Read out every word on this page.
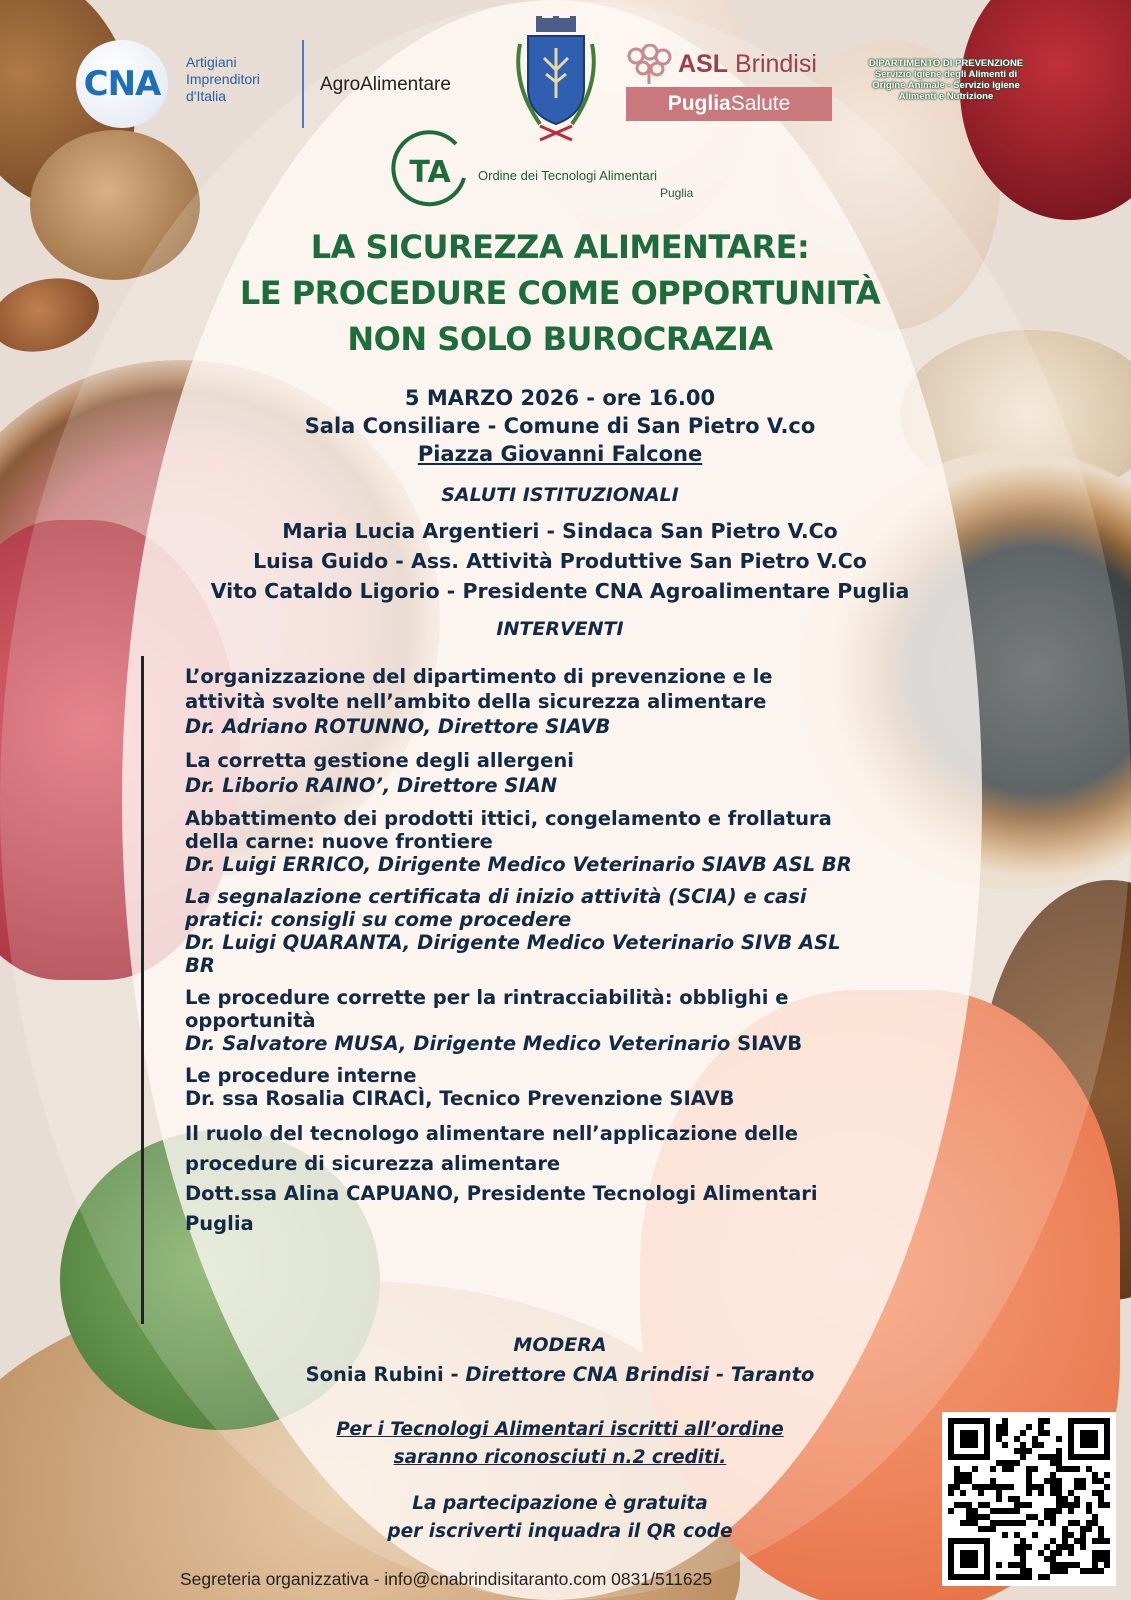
CNA
Artigiani
Imprenditori
d'Italia
AgroAlimentare
ASL Brindisi
Puglia Salute
DIPARTIMENTO DI PREVENZIONE
Servizio Igiene degli Alimenti di
Origine Animale - Servizio Igiene
Alimenti e Nutrizione
TA Ordine dei Tecnologi Alimentari
Puglia
LA SICUREZZA ALIMENTARE:
LE PROCEDURE COME OPPORTUNITÀ
NON SOLO BUROCRAZIA
5 MARZO 2026 - ore 16.00
Sala Consiliare - Comune di San Pietro V.co
Piazza Giovanni Falcone
SALUTI ISTITUZIONALI
Maria Lucia Argentieri - Sindaca San Pietro V.Co
Luisa Guido - Ass. Attività Produttive San Pietro V.Co
Vito Cataldo Ligorio - Presidente CNA Agroalimentare Puglia
INTERVENTI
L’organizzazione del dipartimento di prevenzione e le
attività svolte nell’ambito della sicurezza alimentare
Dr. Adriano ROTUNNO, Direttore SIAVB
La corretta gestione degli allergeni
Dr. Liborio RAINO’, Direttore SIAN
Abbattimento dei prodotti ittici, congelamento e frollatura
della carne: nuove frontiere
Dr. Luigi ERRICO, Dirigente Medico Veterinario SIAVB ASL BR
La segnalazione certificata di inizio attività (SCIA) e casi
pratici: consigli su come procedere
Dr. Luigi QUARANTA, Dirigente Medico Veterinario SIVB ASL
BR
Le procedure corrette per la rintracciabilità: obblighi e
opportunità
Dr. Salvatore MUSA, Dirigente Medico Veterinario SIAVB
Le procedure interne
Dr. ssa Rosalia CIRACÌ, Tecnico Prevenzione SIAVB
Il ruolo del tecnologo alimentare nell’applicazione delle
procedure di sicurezza alimentare
Dott.ssa Alina CAPUANO, Presidente Tecnologi Alimentari
Puglia
MODERA
Sonia Rubini - Direttore CNA Brindisi - Taranto
Per i Tecnologi Alimentari iscritti all’ordine
saranno riconosciuti n.2 crediti.
La partecipazione è gratuita
per iscriverti inquadra il QR code
Segreteria organizzativa - info@cnabrindisitaranto.com 0831/511625
